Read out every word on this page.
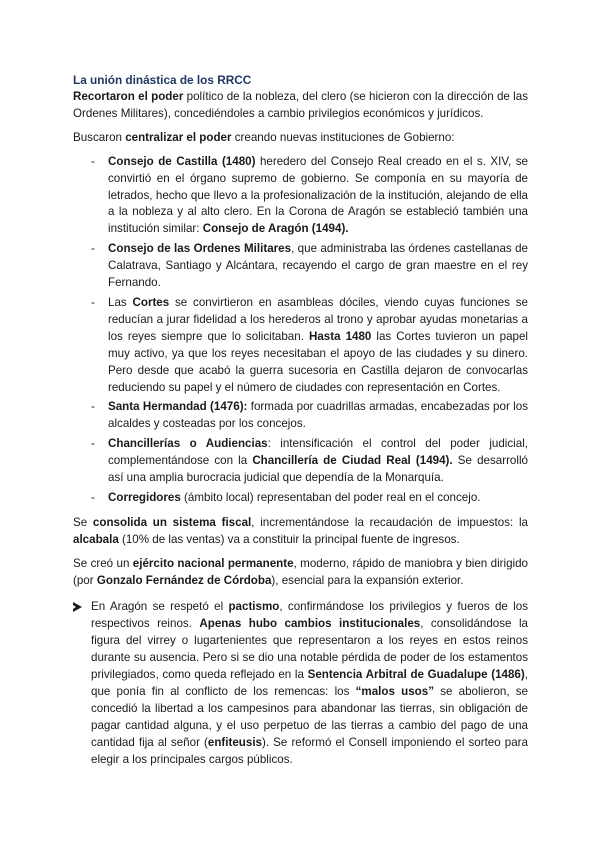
La unión dinástica de los RRCC

Recortaron el poder político de la nobleza, del clero (se hicieron con la dirección de las Ordenes Militares), concediéndoles a cambio privilegios económicos y jurídicos.

Buscaron centralizar el poder creando nuevas instituciones de Gobierno:

- Consejo de Castilla (1480) heredero del Consejo Real creado en el s. XIV, se convirtió en el órgano supremo de gobierno. Se componía en su mayoría de letrados, hecho que llevo a la profesionalización de la institución, alejando de ella a la nobleza y al alto clero. En la Corona de Aragón se estableció también una institución similar: Consejo de Aragón (1494).
- Consejo de las Ordenes Militares, que administraba las órdenes castellanas de Calatrava, Santiago y Alcántara, recayendo el cargo de gran maestre en el rey Fernando.
- Las Cortes se convirtieron en asambleas dóciles, viendo cuyas funciones se reducían a jurar fidelidad a los herederos al trono y aprobar ayudas monetarias a los reyes siempre que lo solicitaban. Hasta 1480 las Cortes tuvieron un papel muy activo, ya que los reyes necesitaban el apoyo de las ciudades y su dinero. Pero desde que acabó la guerra sucesoria en Castilla dejaron de convocarlas reduciendo su papel y el número de ciudades con representación en Cortes.
- Santa Hermandad (1476): formada por cuadrillas armadas, encabezadas por los alcaldes y costeadas por los concejos.
- Chancillerías o Audiencias: intensificación el control del poder judicial, complementándose con la Chancillería de Ciudad Real (1494). Se desarrolló así una amplia burocracia judicial que dependía de la Monarquía.
- Corregidores (ámbito local) representaban del poder real en el concejo.

Se consolida un sistema fiscal, incrementándose la recaudación de impuestos: la alcabala (10% de las ventas) va a constituir la principal fuente de ingresos.

Se creó un ejército nacional permanente, moderno, rápido de maniobra y bien dirigido (por Gonzalo Fernández de Córdoba), esencial para la expansión exterior.

En Aragón se respetó el pactismo, confirmándose los privilegios y fueros de los respectivos reinos. Apenas hubo cambios institucionales, consolidándose la figura del virrey o lugartenientes que representaron a los reyes en estos reinos durante su ausencia. Pero si se dio una notable pérdida de poder de los estamentos privilegiados, como queda reflejado en la Sentencia Arbitral de Guadalupe (1486), que ponía fin al conflicto de los remencas: los “malos usos” se abolieron, se concedió la libertad a los campesinos para abandonar las tierras, sin obligación de pagar cantidad alguna, y el uso perpetuo de las tierras a cambio del pago de una cantidad fija al señor (enfiteusis). Se reformó el Consell imponiendo el sorteo para elegir a los principales cargos públicos.
